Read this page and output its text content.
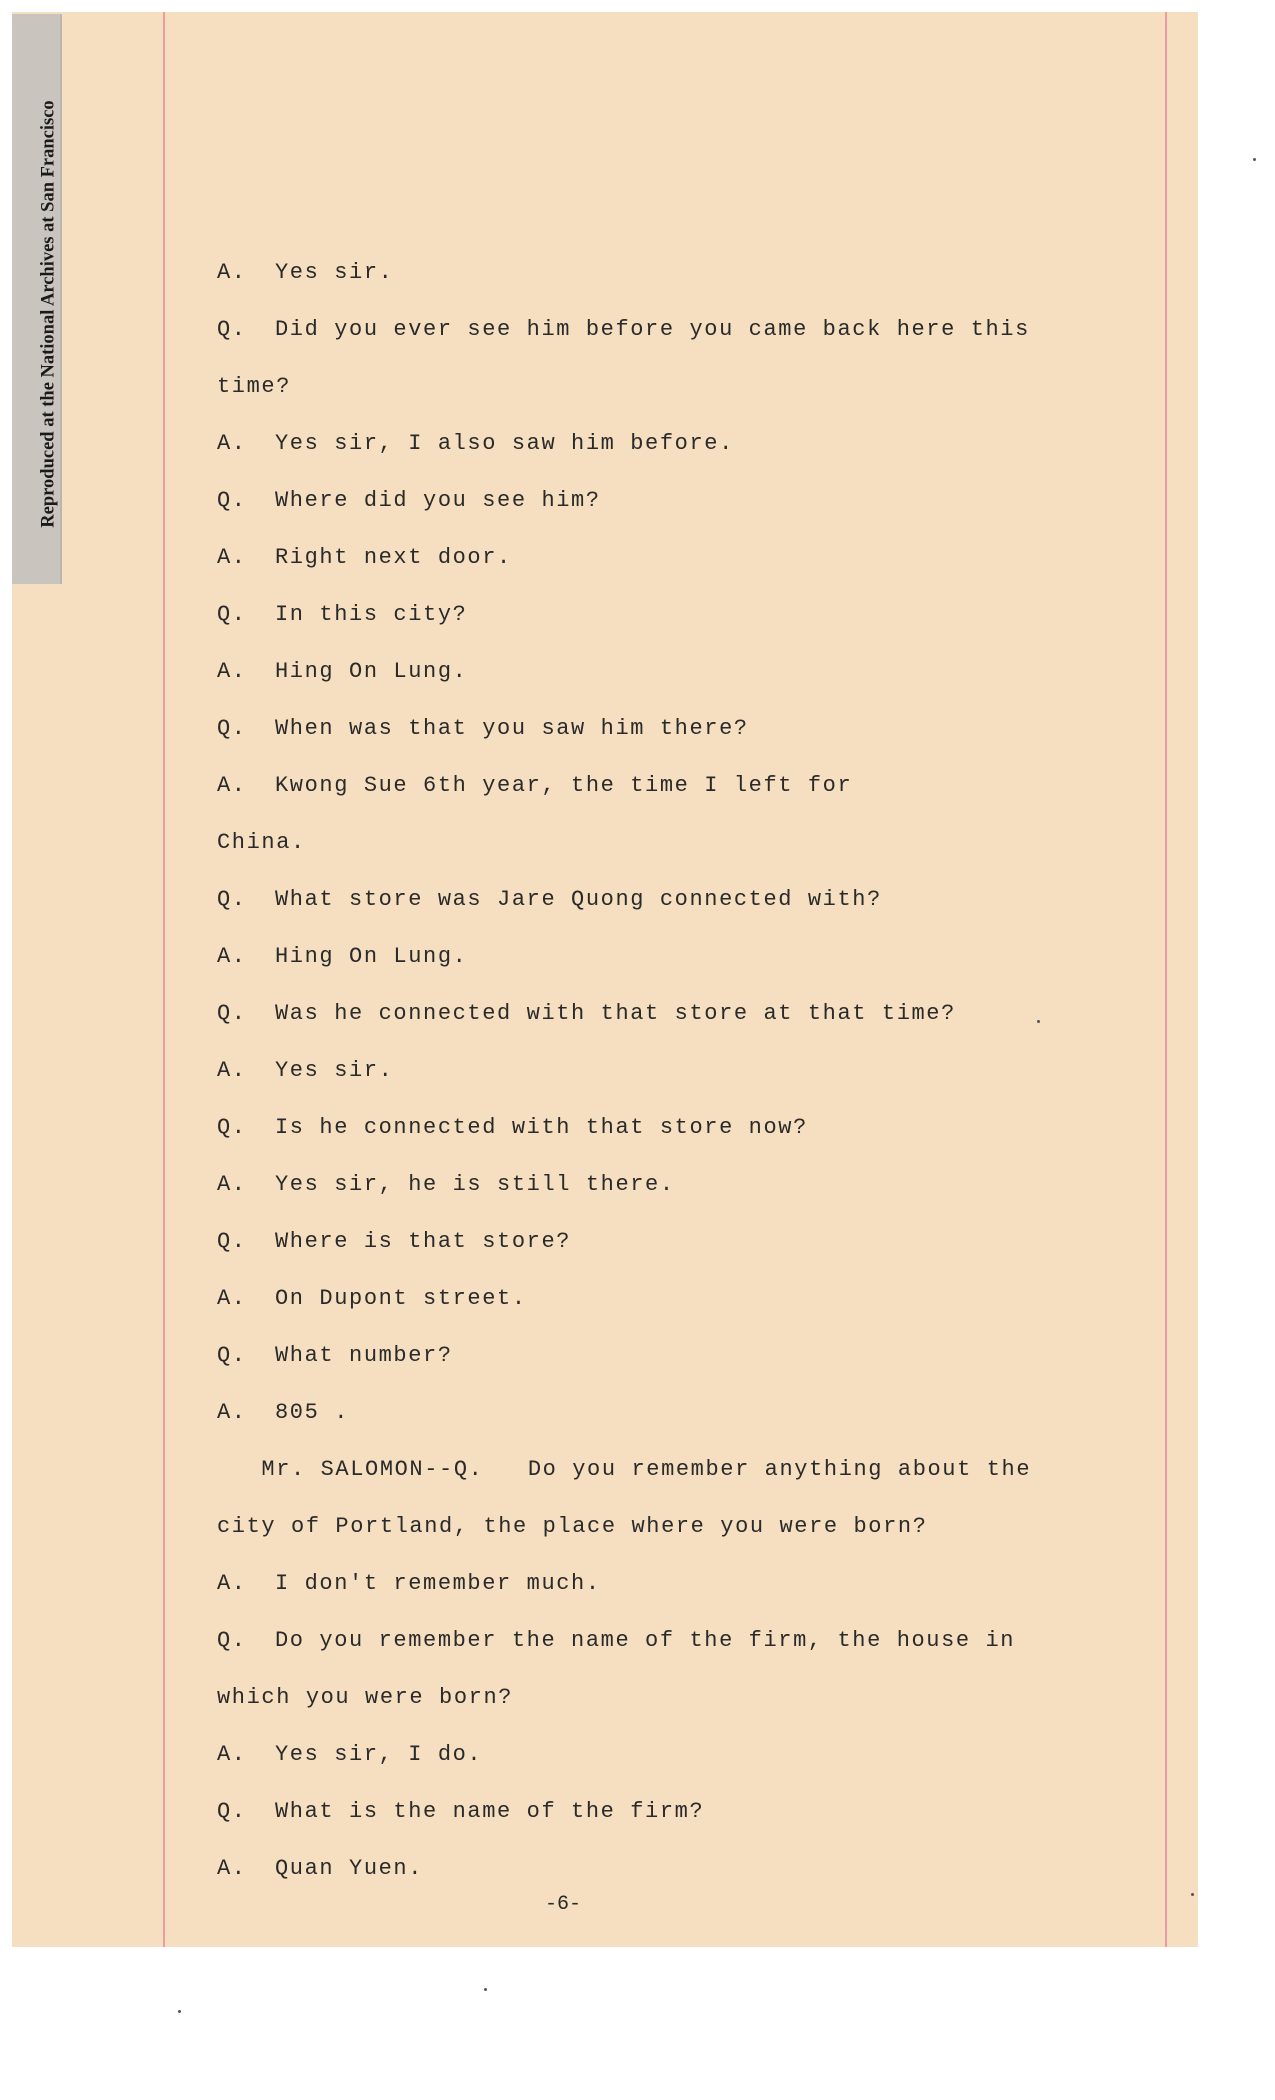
Reproduced at the National Archives at San Francisco	A. Yes sir.
Q. Did you ever see him before you came back here this
time?
A. Yes sir, I also saw him before.
Q. Where did you see him?
A. Right next door.
Q. In this city?
A. Hing On Lung.
Q. When was that you saw him there?
A. Kwong Sue 6th year, the time I left for
China.
Q. What store was Jare Quong connected with?
A. Hing On Lung.
Q. Was he connected with that store at that time?
A. Yes sir.
Q. Is he connected with that store now?
A. Yes sir, he is still there.
Q. Where is that store?
A. On Dupont street.
Q. What number?
A. 805 .
Mr. SALOMON--Q.   Do you remember anything about the
city of Portland, the place where you were born?
A. I don't remember much.
Q. Do you remember the name of the firm, the house in
which you were born?
A. Yes sir, I do.
Q. What is the name of the firm?
A. Quan Yuen.
-6-
